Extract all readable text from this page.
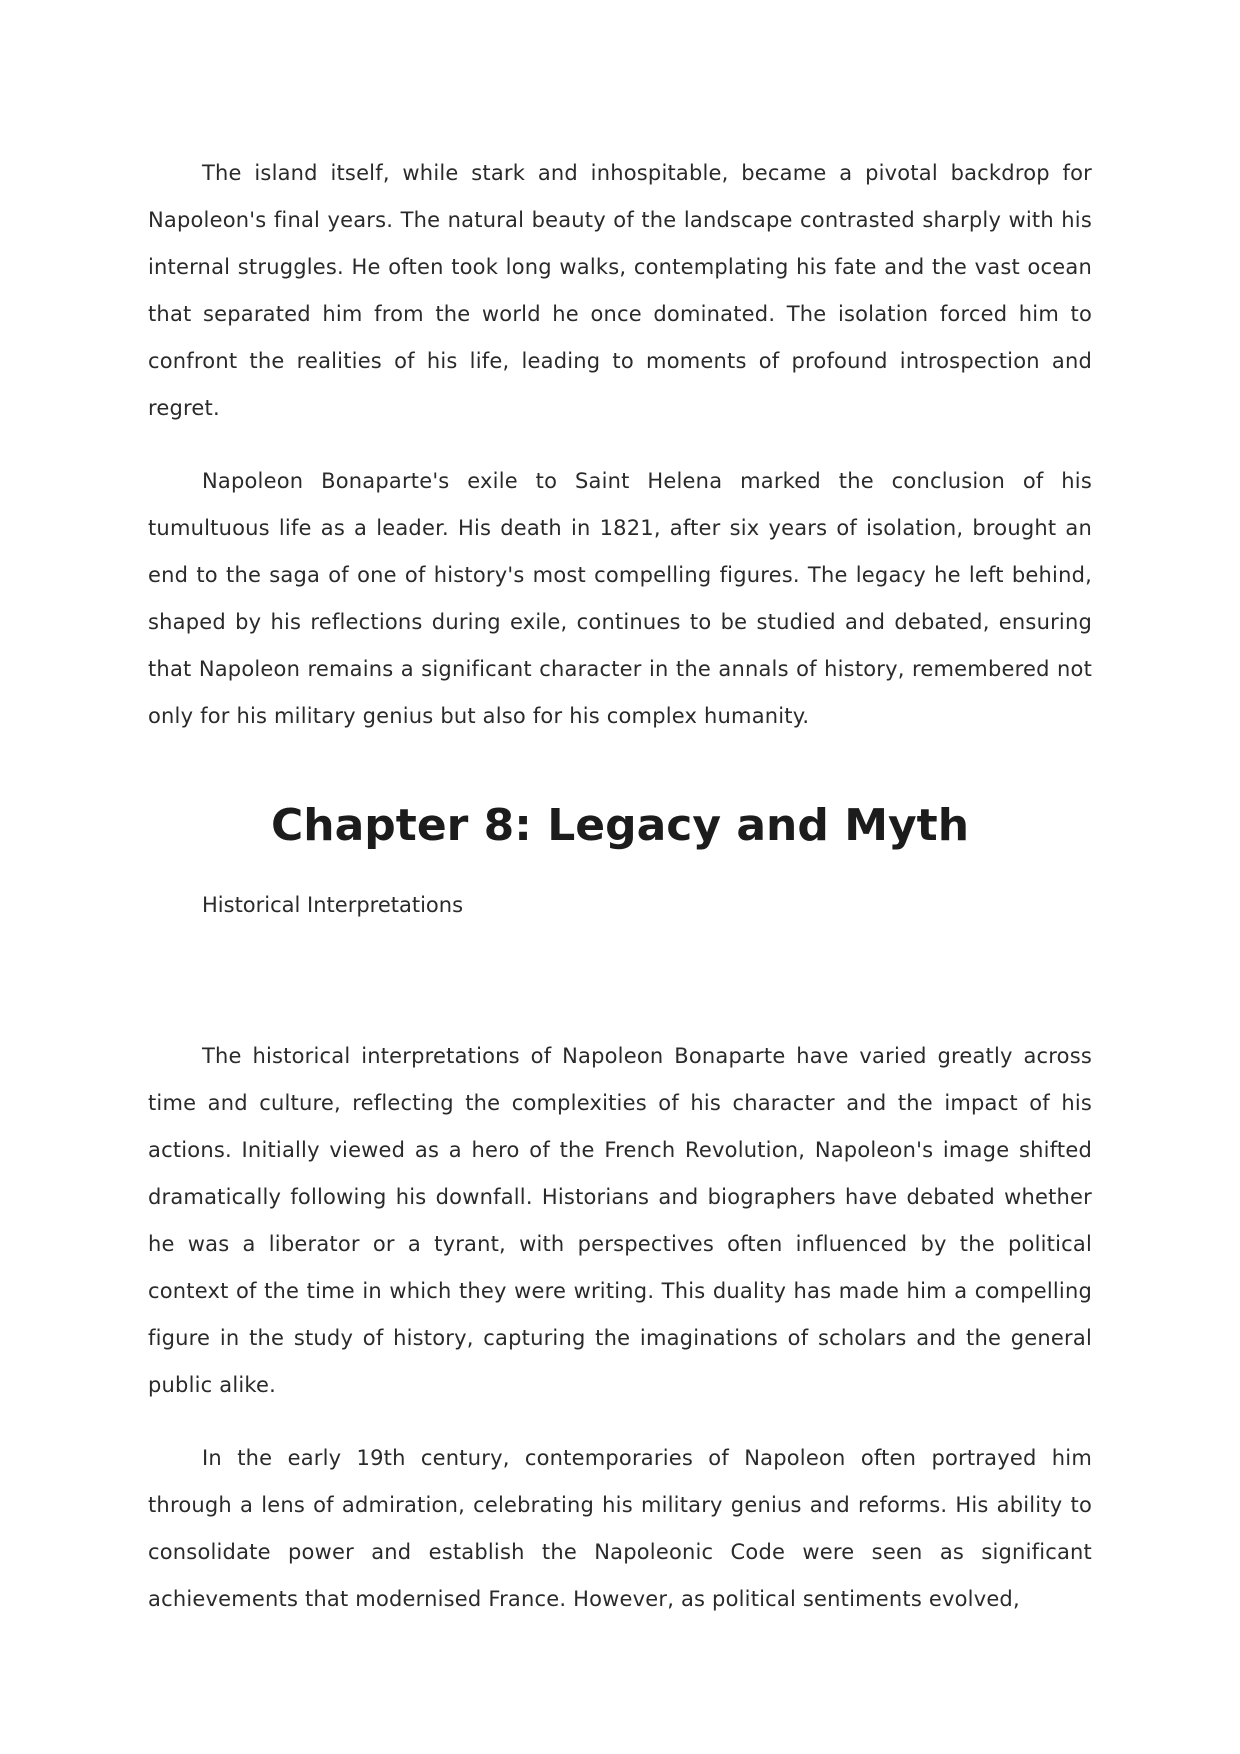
The island itself, while stark and inhospitable, became a pivotal backdrop for Napoleon's final years. The natural beauty of the landscape contrasted sharply with his internal struggles. He often took long walks, contemplating his fate and the vast ocean that separated him from the world he once dominated. The isolation forced him to confront the realities of his life, leading to moments of profound introspection and regret.

Napoleon Bonaparte's exile to Saint Helena marked the conclusion of his tumultuous life as a leader. His death in 1821, after six years of isolation, brought an end to the saga of one of history's most compelling figures. The legacy he left behind, shaped by his reflections during exile, continues to be studied and debated, ensuring that Napoleon remains a significant character in the annals of history, remembered not only for his military genius but also for his complex humanity.

Chapter 8: Legacy and Myth

Historical Interpretations

The historical interpretations of Napoleon Bonaparte have varied greatly across time and culture, reflecting the complexities of his character and the impact of his actions. Initially viewed as a hero of the French Revolution, Napoleon's image shifted dramatically following his downfall. Historians and biographers have debated whether he was a liberator or a tyrant, with perspectives often influenced by the political context of the time in which they were writing. This duality has made him a compelling figure in the study of history, capturing the imaginations of scholars and the general public alike.

In the early 19th century, contemporaries of Napoleon often portrayed him through a lens of admiration, celebrating his military genius and reforms. His ability to consolidate power and establish the Napoleonic Code were seen as significant achievements that modernised France. However, as political sentiments evolved,
